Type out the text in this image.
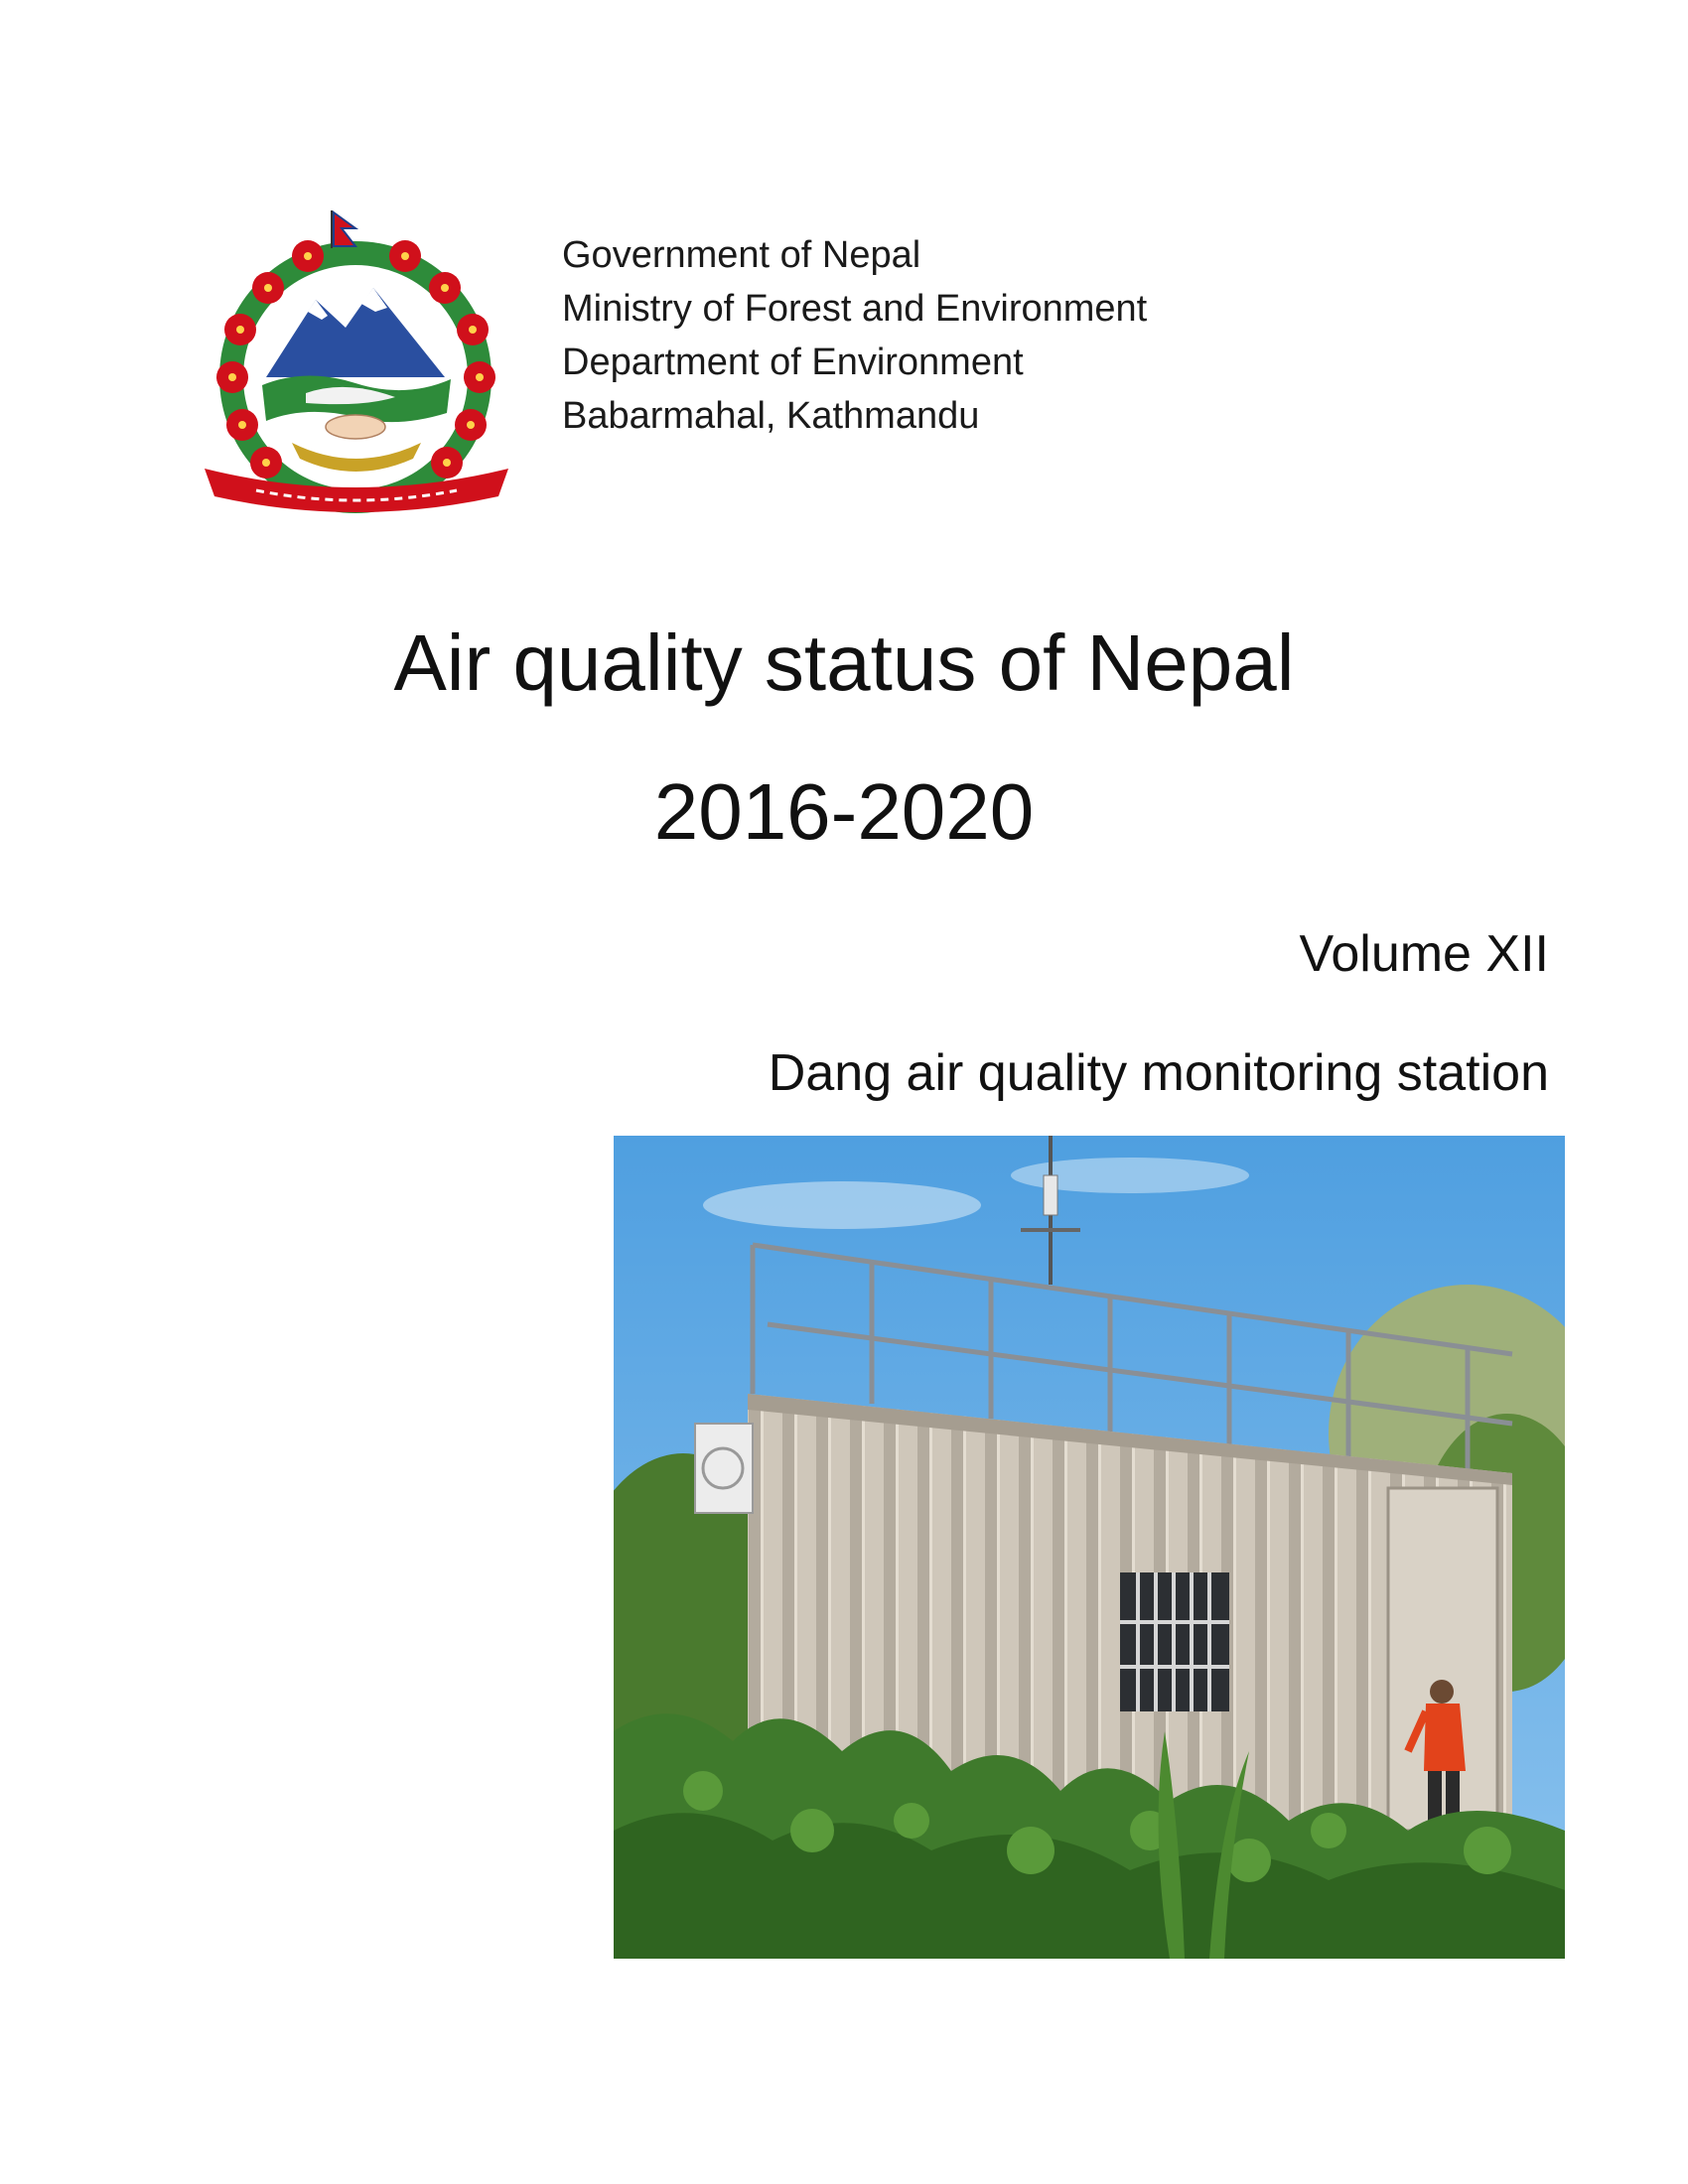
Government of Nepal
Ministry of Forest and Environment
Department of Environment
Babarmahal, Kathmandu
Air quality status of Nepal
2016-2020
Volume XII
Dang air quality monitoring station
